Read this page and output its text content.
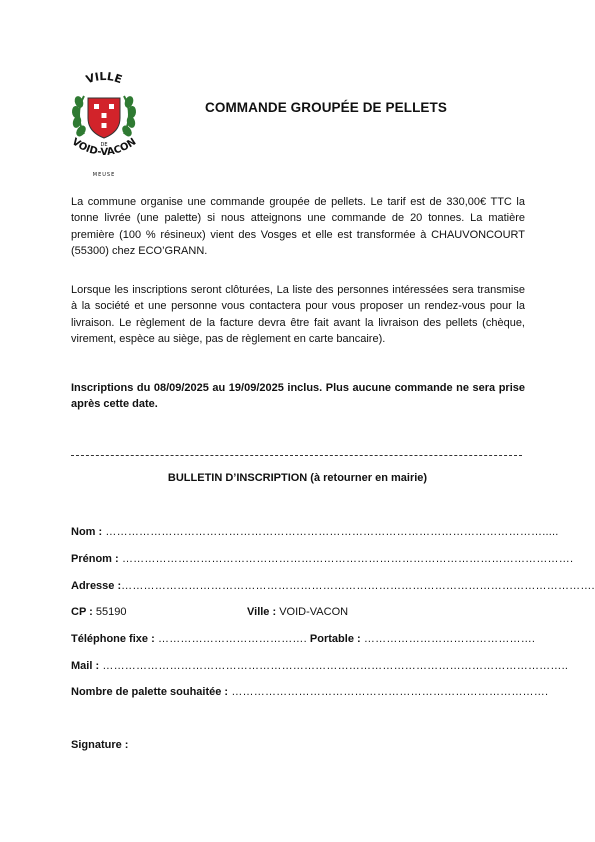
VILLE
DE
VOID-VACON
MEUSE
COMMANDE GROUPÉE DE PELLETS

La commune organise une commande groupée de pellets. Le tarif est de 330,00€ TTC la tonne livrée (une palette) si nous atteignons une commande de 20 tonnes. La matière première (100 % résineux) vient des Vosges et elle est transformée à CHAUVONCOURT (55300) chez ECO’GRANN.

Lorsque les inscriptions seront clôturées, La liste des personnes intéressées sera transmise à la société et une personne vous contactera pour vous proposer un rendez-vous pour la livraison. Le règlement de la facture devra être fait avant la livraison des pellets (chèque, virement, espèce au siège, pas de règlement en carte bancaire).

Inscriptions du 08/09/2025 au 19/09/2025 inclus. Plus aucune commande ne sera prise après cette date.

BULLETIN D’INSCRIPTION (à retourner en mairie)
Nom : ……………………………………………………………………………………………………….....
Prénom : ………………………………………………………………………………………………………….
Adresse :……………………………………………………………………………………………………………….
CP : 55190	Ville : VOID-VACON
Téléphone fixe : …………………………………. Portable : ……………………………………….
Mail : ……………………………………………………………………………………………………………..
Nombre de palette souhaitée : ………………………………………………………………………….
Signature :
